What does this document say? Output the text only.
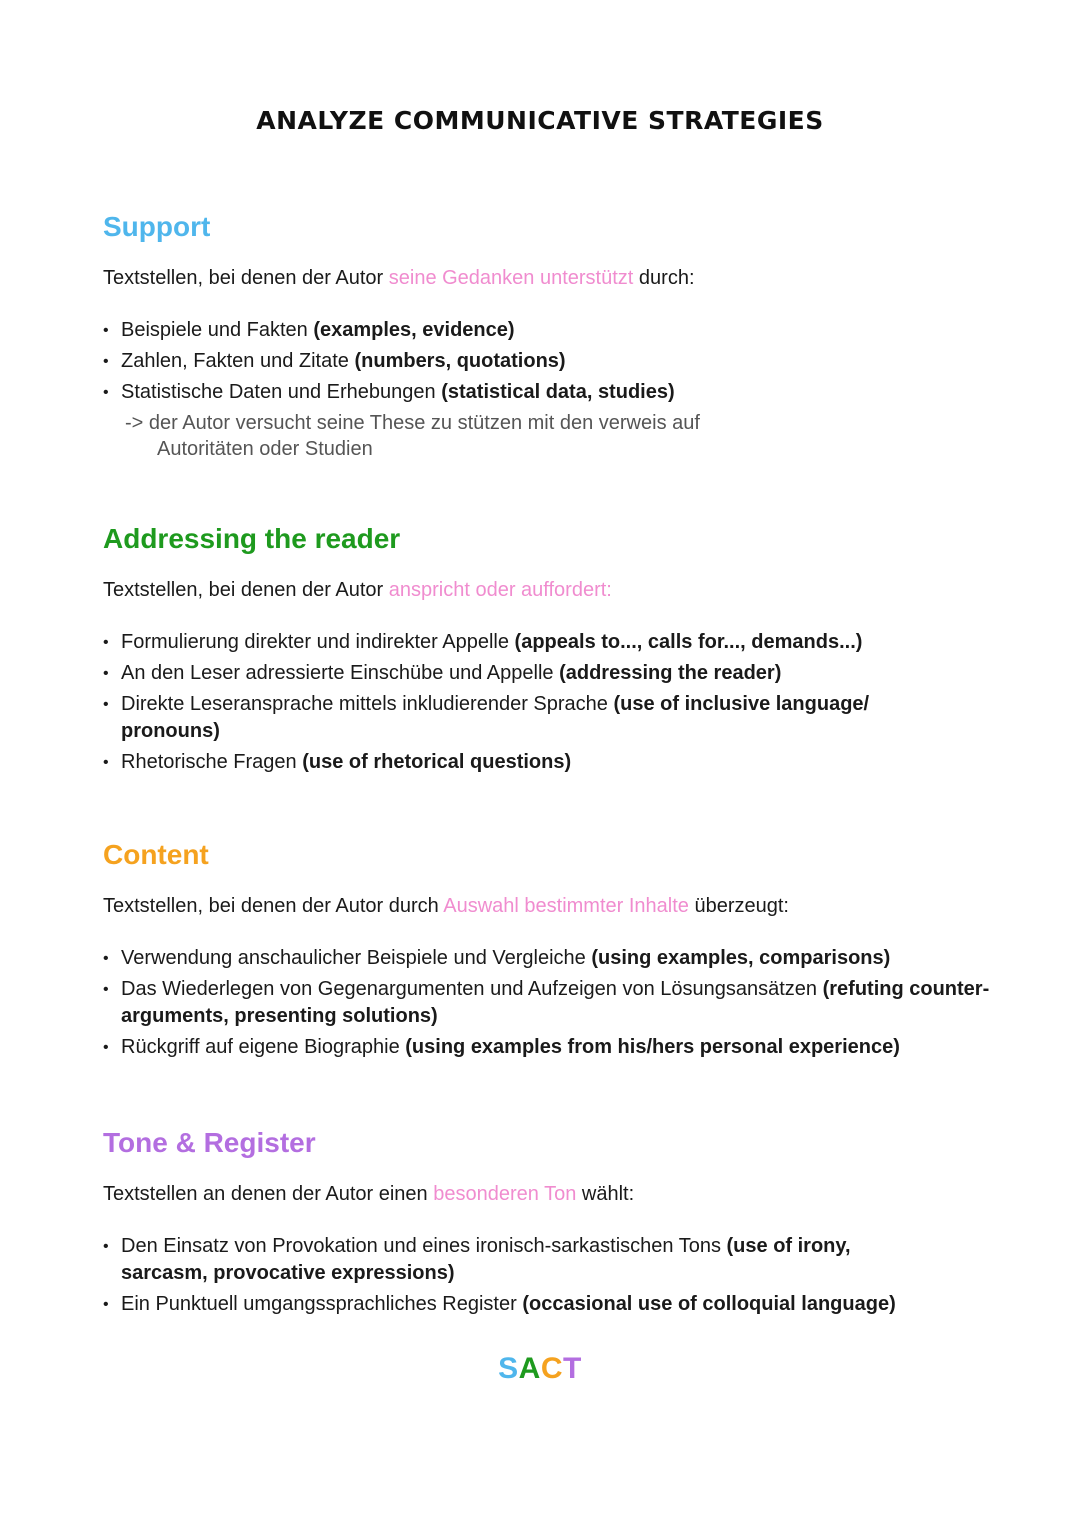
ANALYZE COMMUNICATIVE STRATEGIES
Support
Textstellen, bei denen der Autor seine Gedanken unterstützt durch:
• Beispiele und Fakten (examples, evidence)
• Zahlen, Fakten und Zitate (numbers, quotations)
• Statistische Daten und Erhebungen (statistical data, studies)
-> der Autor versucht seine These zu stützen mit den verweis auf
Autoritäten oder Studien
Addressing the reader
Textstellen, bei denen der Autor anspricht oder auffordert:
• Formulierung direkter und indirekter Appelle (appeals to..., calls for..., demands...)
• An den Leser adressierte Einschübe und Appelle (addressing the reader)
• Direkte Leseransprache mittels inkludierender Sprache (use of inclusive language/ pronouns)
• Rhetorische Fragen (use of rhetorical questions)
Content
Textstellen, bei denen der Autor durch Auswahl bestimmter Inhalte überzeugt:
• Verwendung anschaulicher Beispiele und Vergleiche (using examples, comparisons)
• Das Wiederlegen von Gegenargumenten und Aufzeigen von Lösungsansätzen (refuting counter-arguments, presenting solutions)
• Rückgriff auf eigene Biographie (using examples from his/hers personal experience)
Tone & Register
Textstellen an denen der Autor einen besonderen Ton wählt:
• Den Einsatz von Provokation und eines ironisch-sarkastischen Tons (use of irony, sarcasm, provocative expressions)
• Ein Punktuell umgangssprachliches Register (occasional use of colloquial language)
SACT
